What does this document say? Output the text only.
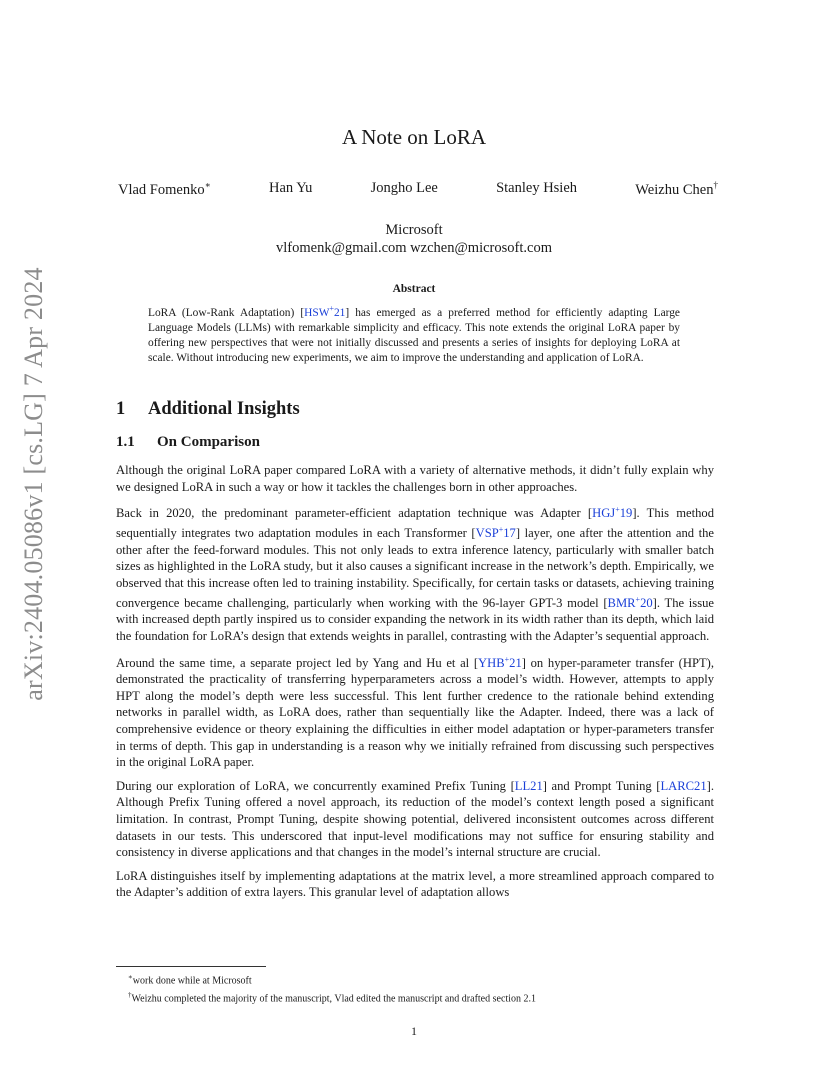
arXiv:2404.05086v1 [cs.LG] 7 Apr 2024
A Note on LoRA
Vlad Fomenko∗	Han Yu	Jongho Lee	Stanley Hsieh	Weizhu Chen†
Microsoft
vlfomenk@gmail.com wzchen@microsoft.com
Abstract
LoRA (Low-Rank Adaptation) [HSW+21] has emerged as a preferred method for efficiently adapting Large Language Models (LLMs) with remarkable simplicity and efficacy. This note extends the original LoRA paper by offering new perspectives that were not initially discussed and presents a series of insights for deploying LoRA at scale. Without introducing new experiments, we aim to improve the understanding and application of LoRA.
1 Additional Insights
1.1 On Comparison

Although the original LoRA paper compared LoRA with a variety of alternative methods, it didn’t fully explain why we designed LoRA in such a way or how it tackles the challenges born in other approaches.

Back in 2020, the predominant parameter-efficient adaptation technique was Adapter [HGJ+19]. This method sequentially integrates two adaptation modules in each Transformer [VSP+17] layer, one after the attention and the other after the feed-forward modules. This not only leads to extra inference latency, particularly with smaller batch sizes as highlighted in the LoRA study, but it also causes a significant increase in the network’s depth. Empirically, we observed that this increase often led to training instability. Specifically, for certain tasks or datasets, achieving training convergence became challenging, particularly when working with the 96-layer GPT-3 model [BMR+20]. The issue with increased depth partly inspired us to consider expanding the network in its width rather than its depth, which laid the foundation for LoRA’s design that extends weights in parallel, contrasting with the Adapter’s sequential approach.

Around the same time, a separate project led by Yang and Hu et al [YHB+21] on hyper-parameter transfer (HPT), demonstrated the practicality of transferring hyperparameters across a model’s width. However, attempts to apply HPT along the model’s depth were less successful. This lent further credence to the rationale behind extending networks in parallel width, as LoRA does, rather than sequentially like the Adapter. Indeed, there was a lack of comprehensive evidence or theory explaining the difficulties in either model adaptation or hyper-parameters transfer in terms of depth. This gap in understanding is a reason why we initially refrained from discussing such perspectives in the original LoRA paper.

During our exploration of LoRA, we concurrently examined Prefix Tuning [LL21] and Prompt Tuning [LARC21]. Although Prefix Tuning offered a novel approach, its reduction of the model’s context length posed a significant limitation. In contrast, Prompt Tuning, despite showing potential, delivered inconsistent outcomes across different datasets in our tests. This underscored that input-level modifications may not suffice for ensuring stability and consistency in diverse applications and that changes in the model’s internal structure are crucial.

LoRA distinguishes itself by implementing adaptations at the matrix level, a more streamlined approach compared to the Adapter’s addition of extra layers. This granular level of adaptation allows

∗work done while at Microsoft
†Weizhu completed the majority of the manuscript, Vlad edited the manuscript and drafted section 2.1
1
